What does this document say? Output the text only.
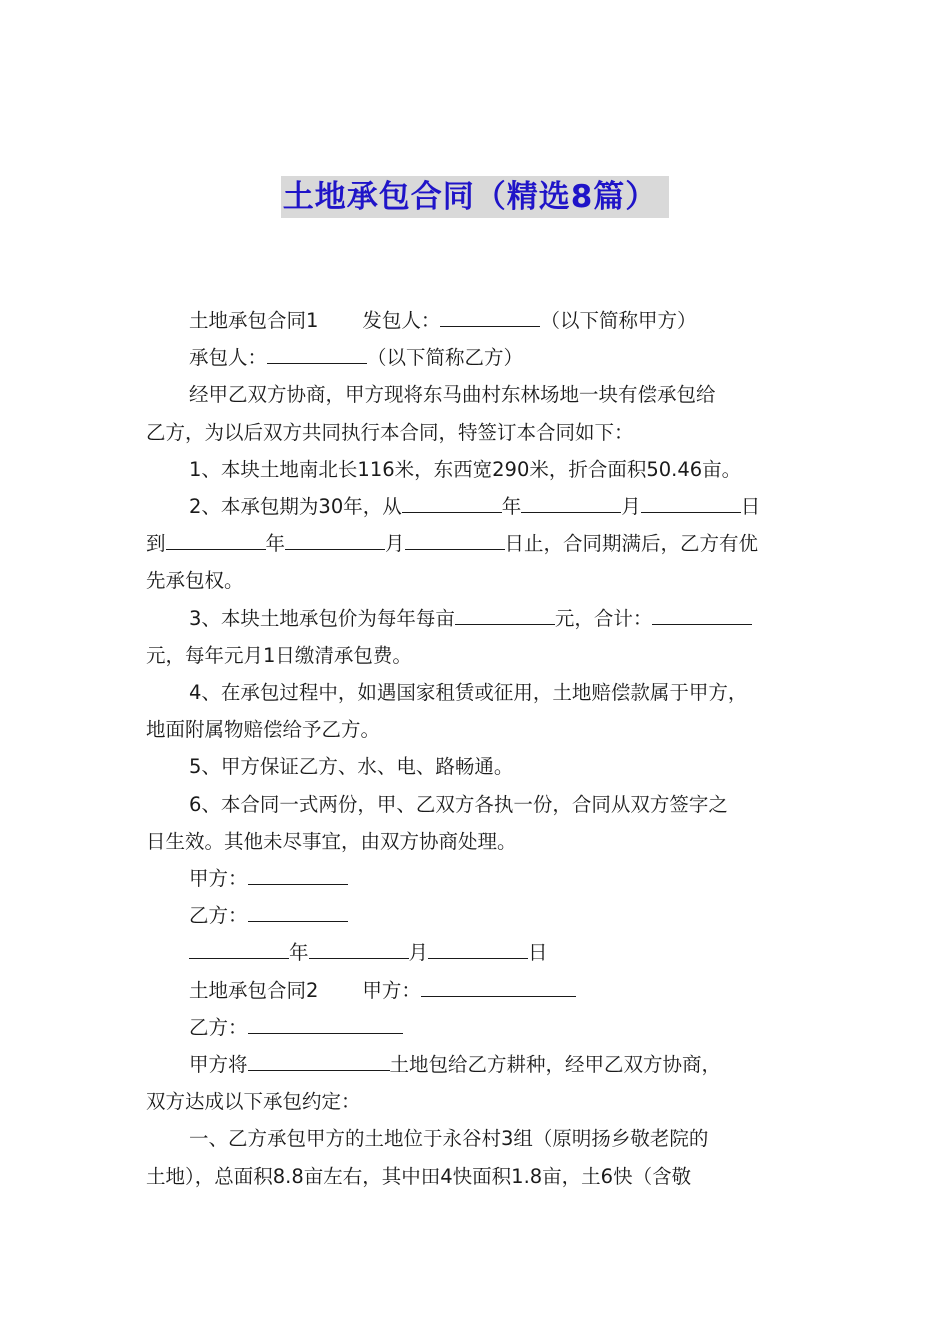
土地承包合同（精选8篇）

土地承包合同1 发包人：	（以下简称甲方）

承包人：	（以下简称乙方）

经甲乙双方协商，甲方现将东马曲村东林场地一块有偿承包给

乙方，为以后双方共同执行本合同，特签订本合同如下：

1、本块土地南北长116米，东西宽290米，折合面积50.46亩。

2、本承包期为30年，从	年	月	日

到	年	月	日止，合同期满后，乙方有优

先承包权。

3、本块土地承包价为每年每亩	元，合计：

元，每年元月1日缴清承包费。

4、在承包过程中，如遇国家租赁或征用，土地赔偿款属于甲方，

地面附属物赔偿给予乙方。

5、甲方保证乙方、水、电、路畅通。

6、本合同一式两份，甲、乙双方各执一份，合同从双方签字之

日生效。其他未尽事宜，由双方协商处理。

甲方：

乙方：

年	月	日

土地承包合同2 甲方：

乙方：

甲方将	土地包给乙方耕种，经甲乙双方协商，

双方达成以下承包约定：

一、乙方承包甲方的土地位于永谷村3组（原明扬乡敬老院的

土地），总面积8.8亩左右，其中田4快面积1.8亩，土6快（含敬
